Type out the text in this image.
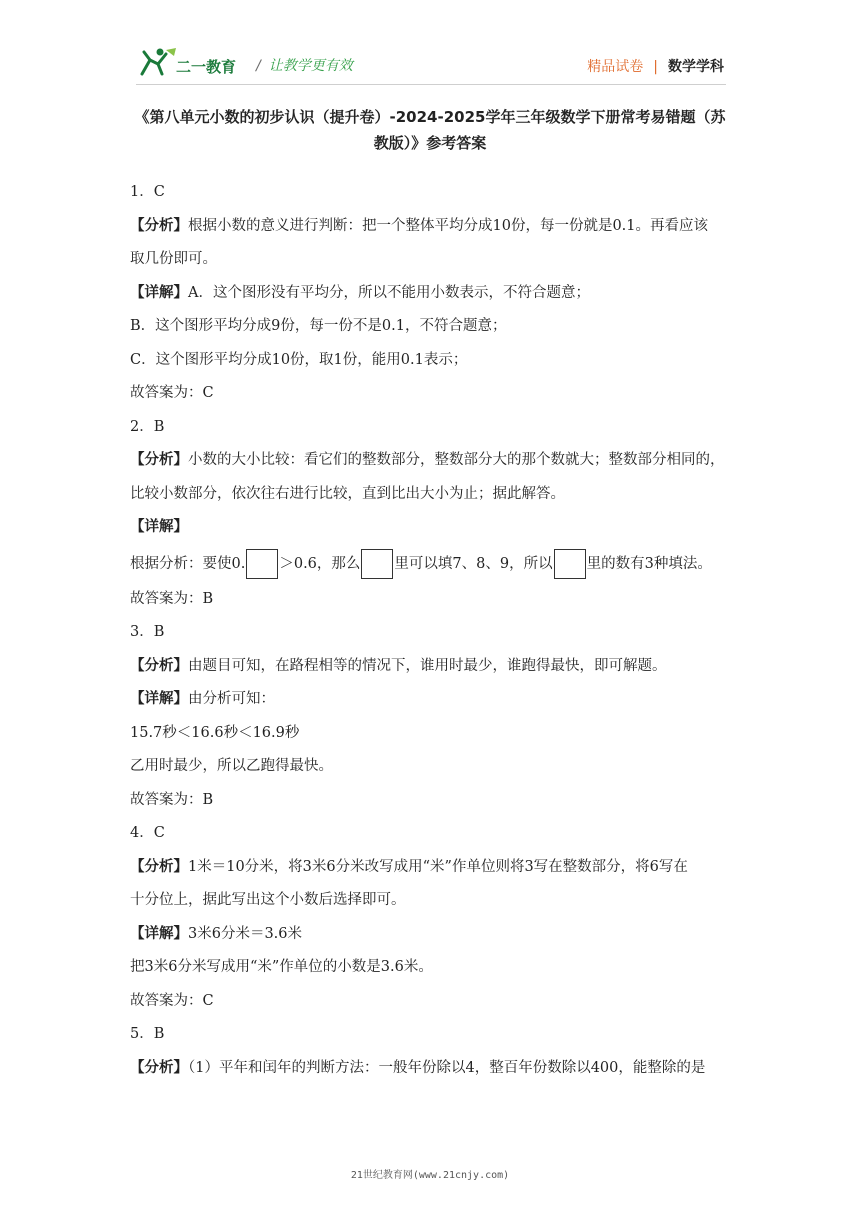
二一教育 / 让教学更有效	精品试卷 | 数学学科
《第八单元小数的初步认识（提升卷）-2024-2025学年三年级数学下册常考易错题（苏教版）》参考答案
1．C
【分析】根据小数的意义进行判断：把一个整体平均分成10份，每一份就是0.1。再看应该
取几份即可。
【详解】A．这个图形没有平均分，所以不能用小数表示，不符合题意；
B．这个图形平均分成9份，每一份不是0.1，不符合题意；
C．这个图形平均分成10份，取1份，能用0.1表示；
故答案为：C
2．B
【分析】小数的大小比较：看它们的整数部分，整数部分大的那个数就大；整数部分相同的，
比较小数部分，依次往右进行比较，直到比出大小为止；据此解答。
【详解】
根据分析：要使0. ＞0.6，那么 里可以填7、8、9，所以 里的数有3种填法。
故答案为：B
3．B
【分析】由题目可知，在路程相等的情况下，谁用时最少，谁跑得最快，即可解题。
【详解】由分析可知：
15.7秒＜16.6秒＜16.9秒
乙用时最少，所以乙跑得最快。
故答案为：B
4．C
【分析】1米＝10分米，将3米6分米改写成用“米”作单位则将3写在整数部分，将6写在
十分位上，据此写出这个小数后选择即可。
【详解】3米6分米＝3.6米
把3米6分米写成用“米”作单位的小数是3.6米。
故答案为：C
5．B
【分析】（1）平年和闰年的判断方法：一般年份除以4，整百年份数除以400，能整除的是
21世纪教育网(www.21cnjy.com)
